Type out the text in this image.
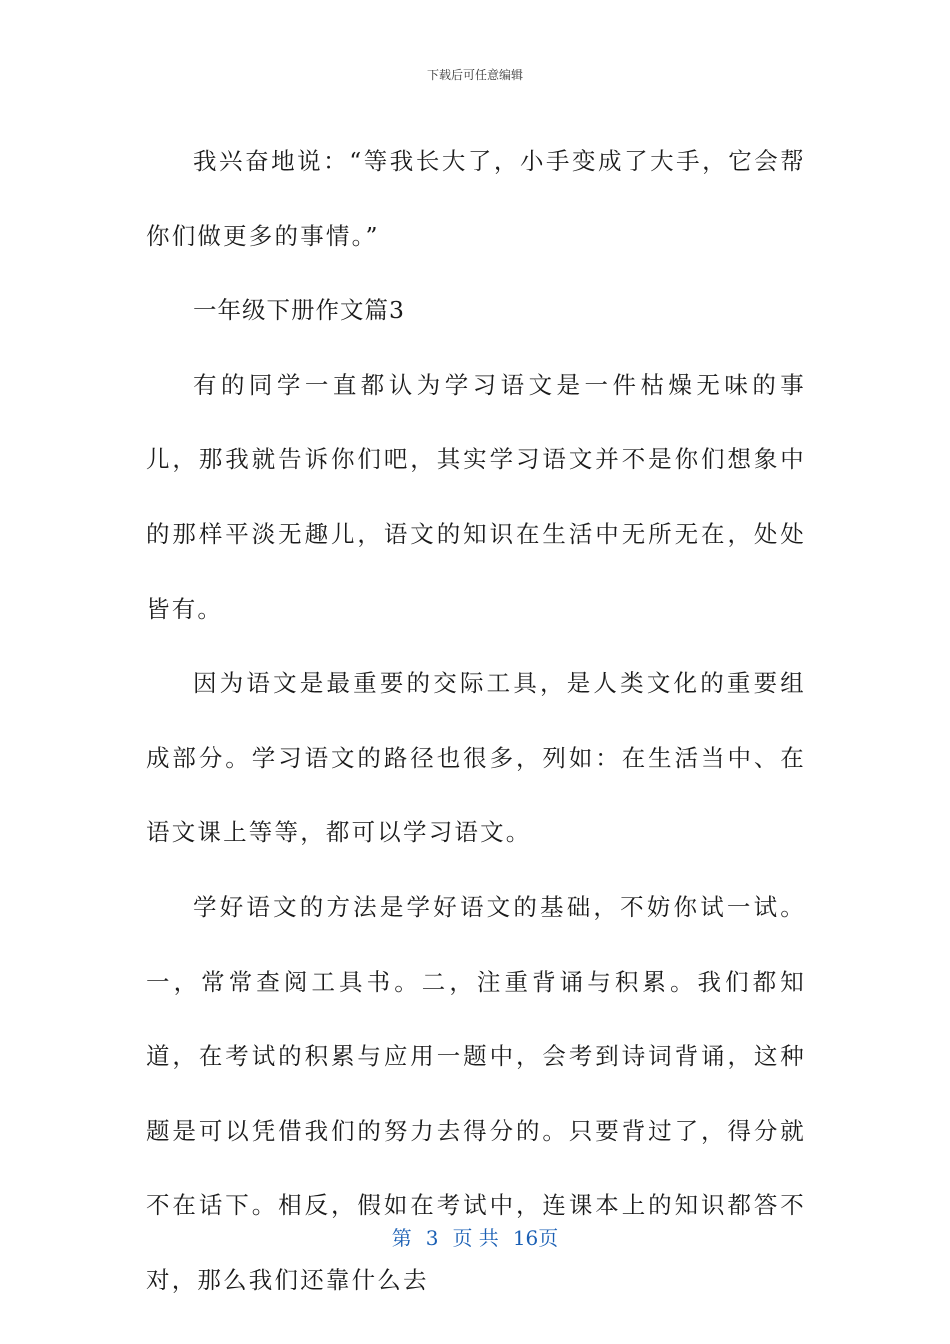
下载后可任意编辑

我兴奋地说：“等我长大了，小手变成了大手，它会帮你们做更多的事情。”

一年级下册作文篇3

有的同学一直都认为学习语文是一件枯燥无味的事儿，那我就告诉你们吧，其实学习语文并不是你们想象中的那样平淡无趣儿，语文的知识在生活中无所无在，处处皆有。

因为语文是最重要的交际工具，是人类文化的重要组成部分。学习语文的路径也很多，列如：在生活当中、在语文课上等等，都可以学习语文。

学好语文的方法是学好语文的基础，不妨你试一试。一，常常查阅工具书。二，注重背诵与积累。我们都知道，在考试的积累与应用一题中，会考到诗词背诵，这种题是可以凭借我们的努力去得分的。只要背过了，得分就不在话下。相反，假如在考试中，连课本上的知识都答不对，那么我们还靠什么去

第 3 页 共 16页
